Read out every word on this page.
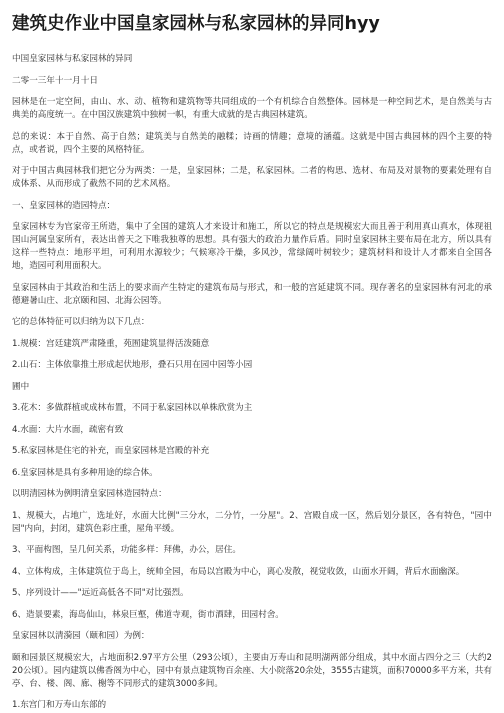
建筑史作业中国皇家园林与私家园林的异同hyy

中国皇家园林与私家园林的异同

二零一三年十一月十日

园林是在一定空间，由山、水、动、植物和建筑物等共同组成的一个有机综合自然整体。园林是一种空间艺术，是自然美与古典美的高度统一。在中国汉族建筑中独树一帜，有重大成就的是古典园林建筑。

总的来说：本于自然、高于自然；建筑美与自然美的融糅；诗画的情趣；意境的涵蕴。这就是中国古典园林的四个主要的特点，或者说，四个主要的风格特征。

对于中国古典园林我们把它分为两类：一是，皇家园林；二是，私家园林。二者的构思、选材、布局及对景物的要素处理有自成体系、从而形成了截然不同的艺术风格。

一、皇家园林的造园特点：

皇家园林专为官家帝王所造，集中了全国的建筑人才来设计和施工，所以它的特点是规模宏大而且善于利用真山真水，体现祖国山河属皇家所有，表达出普天之下唯我独尊的思想。具有强大的政治力量作后盾。同时皇家园林主要布局在北方，所以具有这样一些特点：地形平坦，可利用水源较少；气候寒冷干燥，多风沙，常绿阔叶树较少；建筑材料和设计人才都来自全国各地，造园可利用面积大。

皇家园林由于其政治和生活上的要求而产生特定的建筑布局与形式，和一般的宫延建筑不同。现存著名的皇家园林有河北的承德避暑山庄、北京颐和园、北海公园等。

它的总体特征可以归纳为以下几点：

1.规模：宫廷建筑严肃隆重，苑囿建筑显得活泼随意

2.山石：主体依靠推土形成起伏地形，叠石只用在园中园等小园

圃中

3.花木：多做群植或成林布置，不同于私家园林以单株欣赏为主

4.水面：大片水面，疏密有致

5.私家园林是住宅的补充，而皇家园林是宫殿的补充

6.皇家园林是具有多种用途的综合体。

以明清园林为例明清皇家园林造园特点：

1、规模大，占地广，选址好，水面大比例"三分水，二分竹，一分屋"。2、宫殿自成一区，然后划分景区，各有特色，"园中园"内向，封闭，建筑色彩庄重，屋角平缓。

3、平面构图，呈几何关系，功能多样：拜佛，办公，居住。

4、立体构成，主体建筑位于岛上，统帅全园，布局以宫殿为中心，离心发散，视觉收敛，山面水开阔，背后水面幽深。

5、序列设计——"远近高低各不同"对比强烈。

6、造景要素，海岛仙山，林泉巨壑，佛道寺观，街市酒肆，田园村舍。

皇家园林以清漪园（颐和园）为例：

颐和园景区规模宏大，占地面积2.97平方公里（293公顷），主要由万寿山和昆明湖两部分组成，其中水面占四分之三（大约220公顷）。园内建筑以佛香阁为中心，园中有景点建筑物百余座、大小院落20余处，3555古建筑，面积70000多平方米，共有亭、台、楼、阁、廊、榭等不同形式的建筑3000多间。

1.东宫门和万寿山东部的
